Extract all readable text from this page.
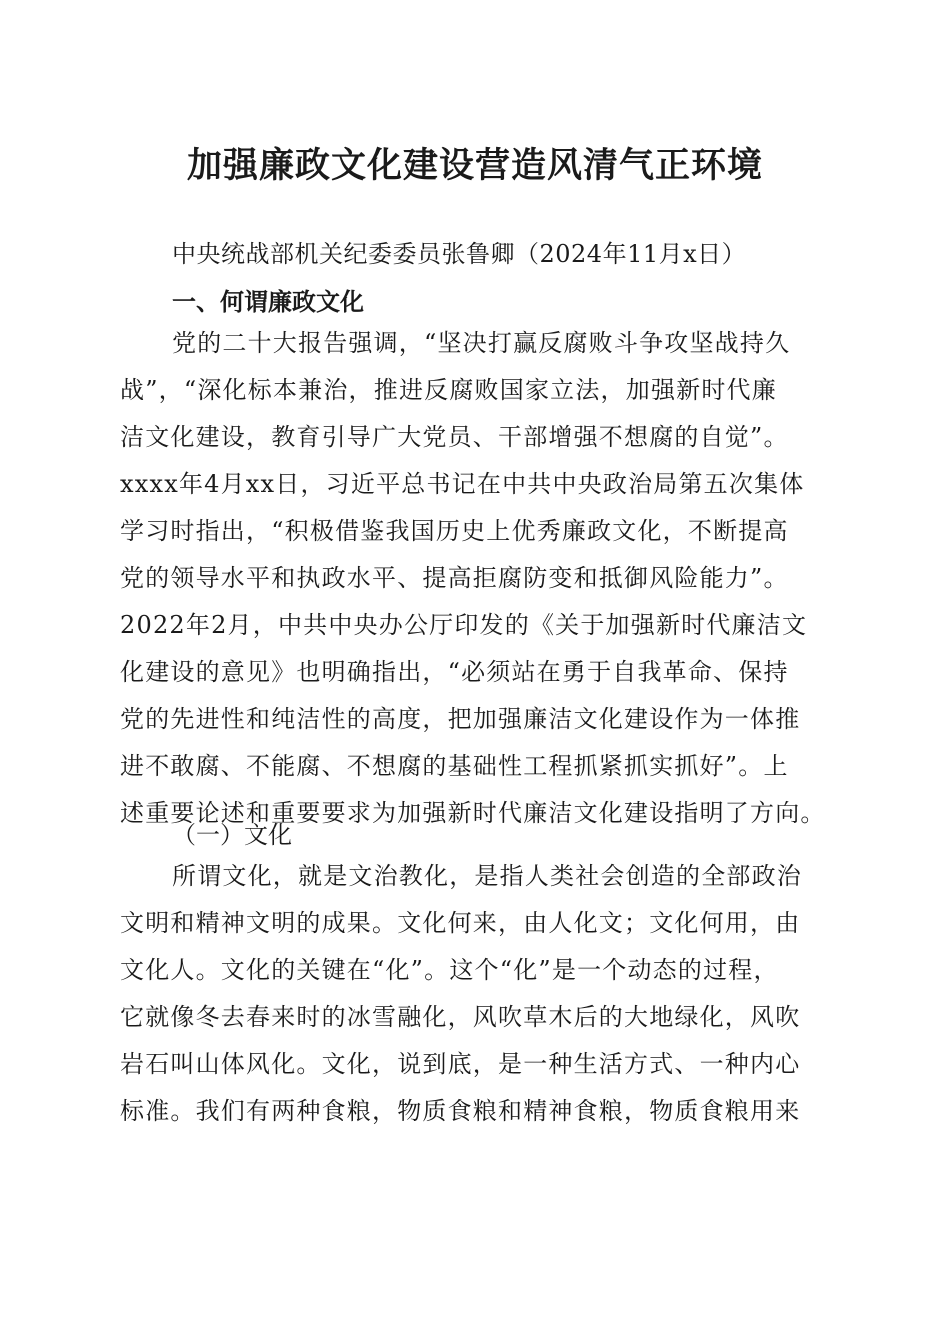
加强廉政文化建设营造风清气正环境
中央统战部机关纪委委员张鲁卿（2024年11月x日）
一、何谓廉政文化
党的二十大报告强调，“坚决打赢反腐败斗争攻坚战持久
战”，“深化标本兼治，推进反腐败国家立法，加强新时代廉
洁文化建设，教育引导广大党员、干部增强不想腐的自觉”。
xxxx年4月xx日，习近平总书记在中共中央政治局第五次集体
学习时指出，“积极借鉴我国历史上优秀廉政文化，不断提高
党的领导水平和执政水平、提高拒腐防变和抵御风险能力”。
2022年2月，中共中央办公厅印发的《关于加强新时代廉洁文
化建设的意见》也明确指出，“必须站在勇于自我革命、保持
党的先进性和纯洁性的高度，把加强廉洁文化建设作为一体推
进不敢腐、不能腐、不想腐的基础性工程抓紧抓实抓好”。上
述重要论述和重要要求为加强新时代廉洁文化建设指明了方向。
（一）文化
所谓文化，就是文治教化，是指人类社会创造的全部政治
文明和精神文明的成果。文化何来，由人化文；文化何用，由
文化人。文化的关键在“化”。这个“化”是一个动态的过程，
它就像冬去春来时的冰雪融化，风吹草木后的大地绿化，风吹
岩石叫山体风化。文化，说到底，是一种生活方式、一种内心
标准。我们有两种食粮，物质食粮和精神食粮，物质食粮用来
